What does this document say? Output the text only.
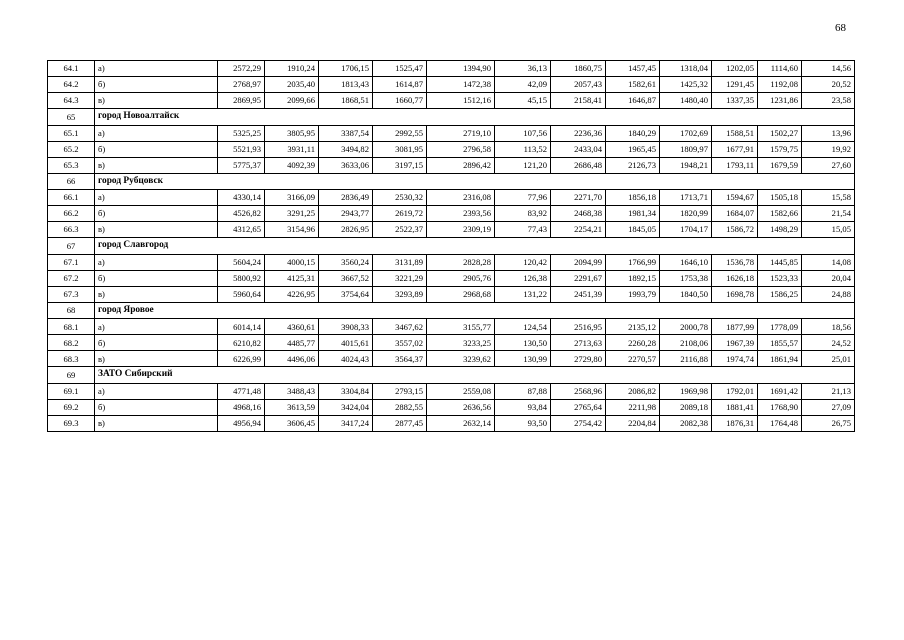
68
64.1	а)	2572,29	1910,24	1706,15	1525,47	1394,90	36,13	1860,75	1457,45	1318,04	1202,05	1114,60	14,56
64.2	б)	2768,97	2035,40	1813,43	1614,87	1472,38	42,09	2057,43	1582,61	1425,32	1291,45	1192,08	20,52
64.3	в)	2869,95	2099,66	1868,51	1660,77	1512,16	45,15	2158,41	1646,87	1480,40	1337,35	1231,86	23,58
65	город Новоалтайск												
65.1	а)	5325,25	3805,95	3387,54	2992,55	2719,10	107,56	2236,36	1840,29	1702,69	1588,51	1502,27	13,96
65.2	б)	5521,93	3931,11	3494,82	3081,95	2796,58	113,52	2433,04	1965,45	1809,97	1677,91	1579,75	19,92
65.3	в)	5775,37	4092,39	3633,06	3197,15	2896,42	121,20	2686,48	2126,73	1948,21	1793,11	1679,59	27,60
66	город Рубцовск												
66.1	а)	4330,14	3166,09	2836,49	2530,32	2316,08	77,96	2271,70	1856,18	1713,71	1594,67	1505,18	15,58
66.2	б)	4526,82	3291,25	2943,77	2619,72	2393,56	83,92	2468,38	1981,34	1820,99	1684,07	1582,66	21,54
66.3	в)	4312,65	3154,96	2826,95	2522,37	2309,19	77,43	2254,21	1845,05	1704,17	1586,72	1498,29	15,05
67	город Славгород												
67.1	а)	5604,24	4000,15	3560,24	3131,89	2828,28	120,42	2094,99	1766,99	1646,10	1536,78	1445,85	14,08
67.2	б)	5800,92	4125,31	3667,52	3221,29	2905,76	126,38	2291,67	1892,15	1753,38	1626,18	1523,33	20,04
67.3	в)	5960,64	4226,95	3754,64	3293,89	2968,68	131,22	2451,39	1993,79	1840,50	1698,78	1586,25	24,88
68	город Яровое												
68.1	а)	6014,14	4360,61	3908,33	3467,62	3155,77	124,54	2516,95	2135,12	2000,78	1877,99	1778,09	18,56
68.2	б)	6210,82	4485,77	4015,61	3557,02	3233,25	130,50	2713,63	2260,28	2108,06	1967,39	1855,57	24,52
68.3	в)	6226,99	4496,06	4024,43	3564,37	3239,62	130,99	2729,80	2270,57	2116,88	1974,74	1861,94	25,01
69	ЗАТО Сибирский												
69.1	а)	4771,48	3488,43	3304,84	2793,15	2559,08	87,88	2568,96	2086,82	1969,98	1792,01	1691,42	21,13
69.2	б)	4968,16	3613,59	3424,04	2882,55	2636,56	93,84	2765,64	2211,98	2089,18	1881,41	1768,90	27,09
69.3	в)	4956,94	3606,45	3417,24	2877,45	2632,14	93,50	2754,42	2204,84	2082,38	1876,31	1764,48	26,75
